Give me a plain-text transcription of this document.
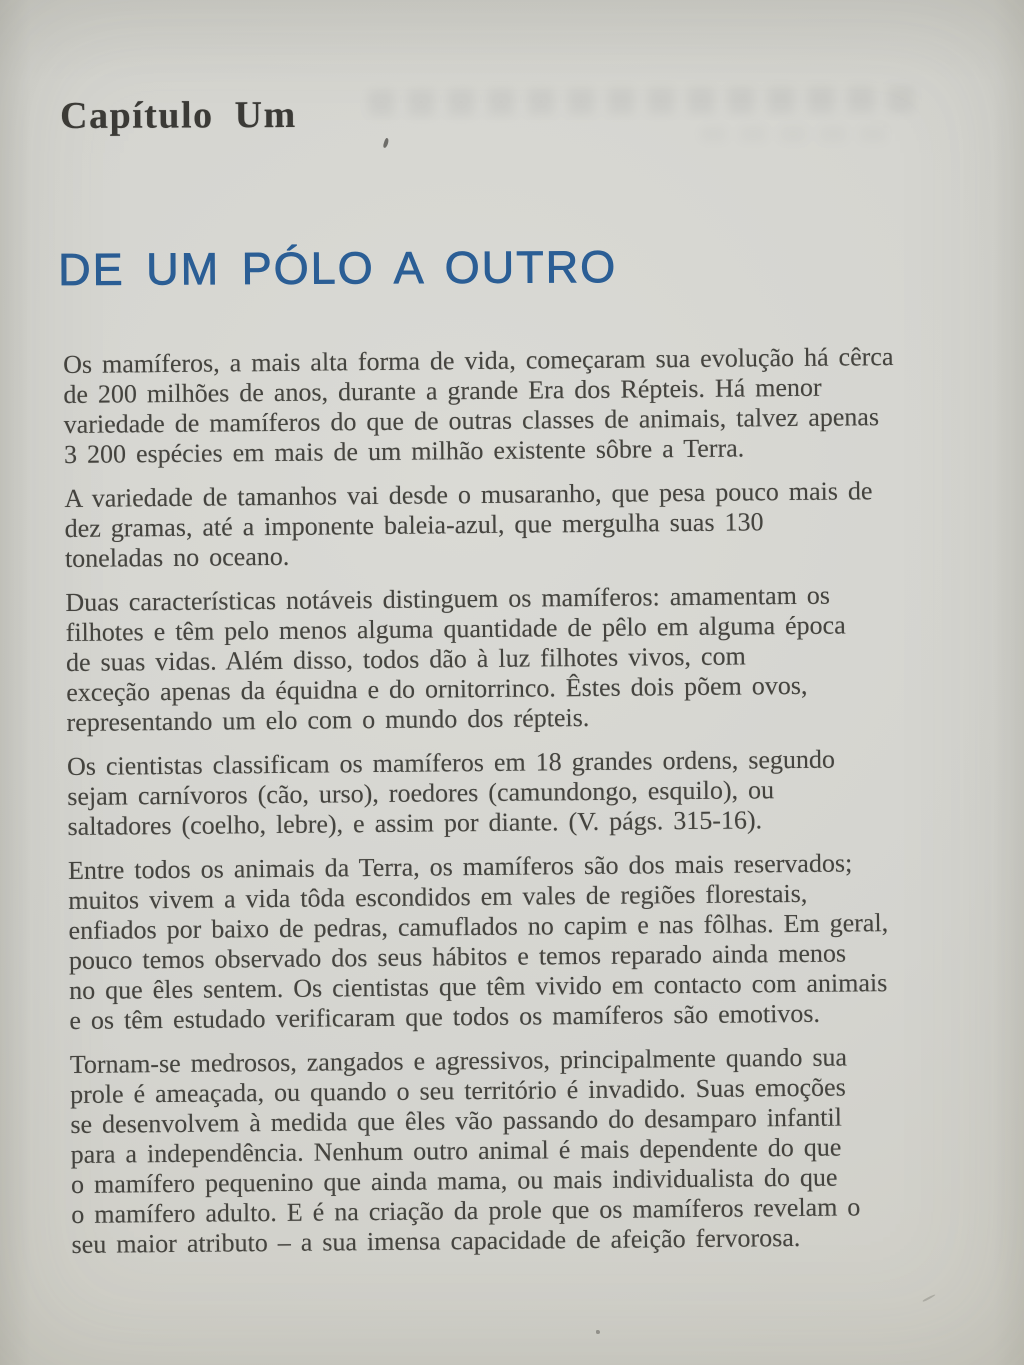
Capítulo Um
DE UM PÓLO A OUTRO

Os mamíferos, a mais alta forma de vida, começaram sua evolução há cêrca
de 200 milhões de anos, durante a grande Era dos Répteis. Há menor
variedade de mamíferos do que de outras classes de animais, talvez apenas
3 200 espécies em mais de um milhão existente sôbre a Terra.

A variedade de tamanhos vai desde o musaranho, que pesa pouco mais de
dez gramas, até a imponente baleia-azul, que mergulha suas 130
toneladas no oceano.

Duas características notáveis distinguem os mamíferos: amamentam os
filhotes e têm pelo menos alguma quantidade de pêlo em alguma época
de suas vidas. Além disso, todos dão à luz filhotes vivos, com
exceção apenas da équidna e do ornitorrinco. Êstes dois põem ovos,
representando um elo com o mundo dos répteis.

Os cientistas classificam os mamíferos em 18 grandes ordens, segundo
sejam carnívoros (cão, urso), roedores (camundongo, esquilo), ou
saltadores (coelho, lebre), e assim por diante. (V. págs. 315-16).

Entre todos os animais da Terra, os mamíferos são dos mais reservados;
muitos vivem a vida tôda escondidos em vales de regiões florestais,
enfiados por baixo de pedras, camuflados no capim e nas fôlhas. Em geral,
pouco temos observado dos seus hábitos e temos reparado ainda menos
no que êles sentem. Os cientistas que têm vivido em contacto com animais
e os têm estudado verificaram que todos os mamíferos são emotivos.

Tornam-se medrosos, zangados e agressivos, principalmente quando sua
prole é ameaçada, ou quando o seu território é invadido. Suas emoções
se desenvolvem à medida que êles vão passando do desamparo infantil
para a independência. Nenhum outro animal é mais dependente do que
o mamífero pequenino que ainda mama, ou mais individualista do que
o mamífero adulto. E é na criação da prole que os mamíferos revelam o
seu maior atributo – a sua imensa capacidade de afeição fervorosa.
